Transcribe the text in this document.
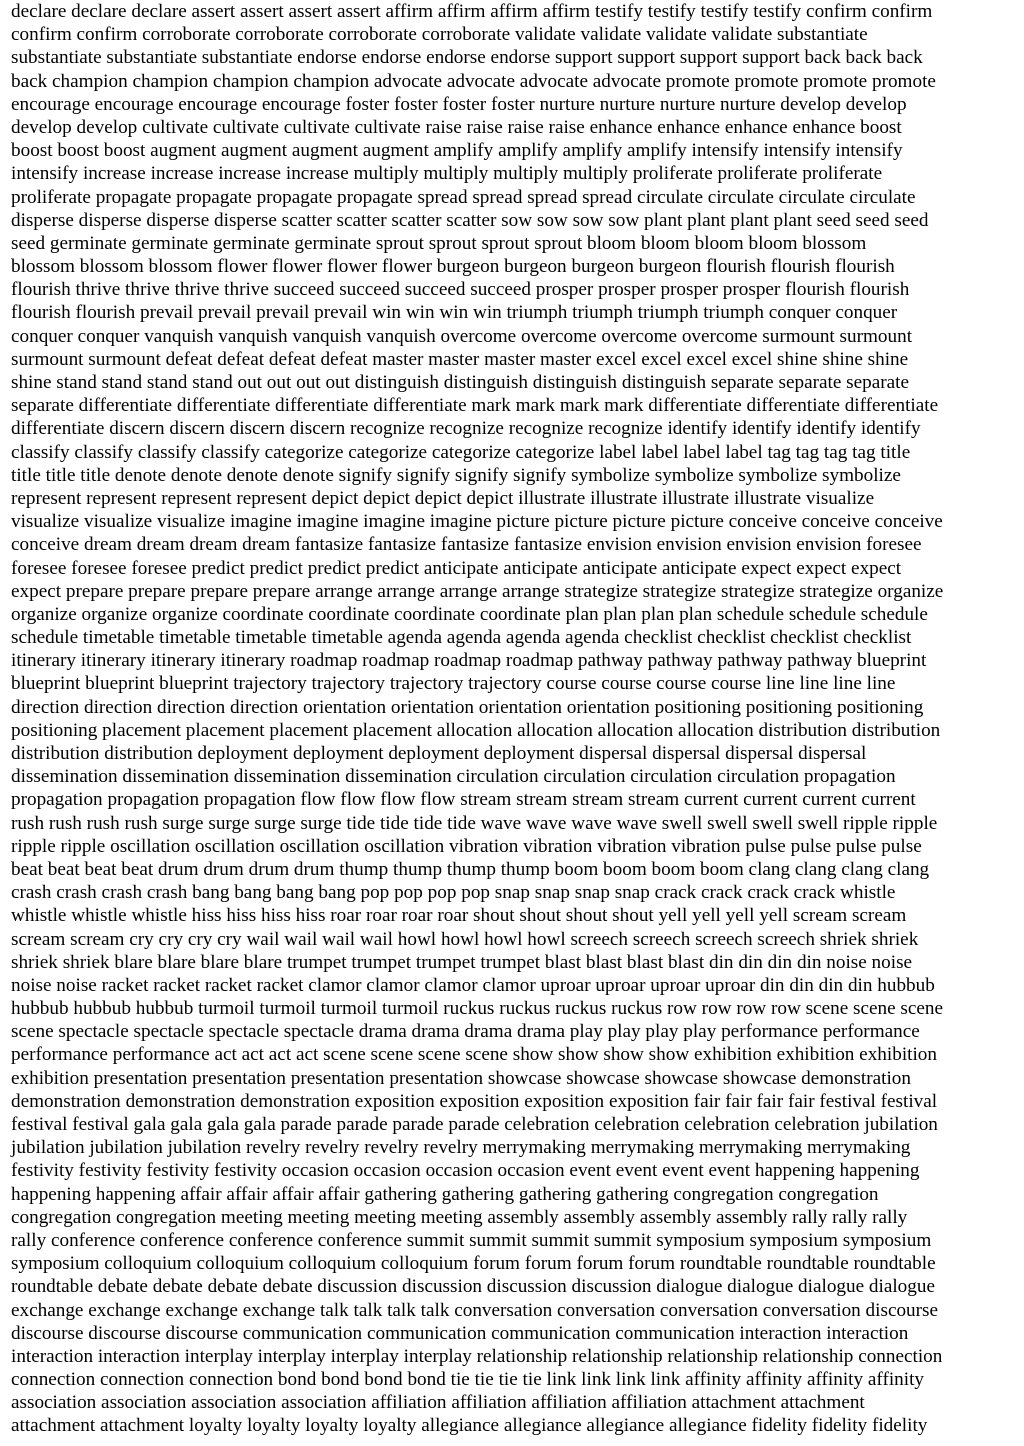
declare declare declare assert assert assert assert affirm affirm affirm affirm testify testify testify testify confirm confirm
confirm confirm corroborate corroborate corroborate corroborate validate validate validate validate substantiate
substantiate substantiate substantiate endorse endorse endorse endorse support support support support back back back
back champion champion champion champion advocate advocate advocate advocate promote promote promote promote
encourage encourage encourage encourage foster foster foster foster nurture nurture nurture nurture develop develop
develop develop cultivate cultivate cultivate cultivate raise raise raise raise enhance enhance enhance enhance boost
boost boost boost augment augment augment augment amplify amplify amplify amplify intensify intensify intensify
intensify increase increase increase increase multiply multiply multiply multiply proliferate proliferate proliferate
proliferate propagate propagate propagate propagate spread spread spread spread circulate circulate circulate circulate
disperse disperse disperse disperse scatter scatter scatter scatter sow sow sow sow plant plant plant plant seed seed seed
seed germinate germinate germinate germinate sprout sprout sprout sprout bloom bloom bloom bloom blossom
blossom blossom blossom flower flower flower flower burgeon burgeon burgeon burgeon flourish flourish flourish
flourish thrive thrive thrive thrive succeed succeed succeed succeed prosper prosper prosper prosper flourish flourish
flourish flourish prevail prevail prevail prevail win win win win triumph triumph triumph triumph conquer conquer
conquer conquer vanquish vanquish vanquish vanquish overcome overcome overcome overcome surmount surmount
surmount surmount defeat defeat defeat defeat master master master master excel excel excel excel shine shine shine
shine stand stand stand stand out out out out distinguish distinguish distinguish distinguish separate separate separate
separate differentiate differentiate differentiate differentiate mark mark mark mark differentiate differentiate differentiate
differentiate discern discern discern discern recognize recognize recognize recognize identify identify identify identify
classify classify classify classify categorize categorize categorize categorize label label label label tag tag tag tag title
title title title denote denote denote denote signify signify signify signify symbolize symbolize symbolize symbolize
represent represent represent represent depict depict depict depict illustrate illustrate illustrate illustrate visualize
visualize visualize visualize imagine imagine imagine imagine picture picture picture picture conceive conceive conceive
conceive dream dream dream dream fantasize fantasize fantasize fantasize envision envision envision envision foresee
foresee foresee foresee predict predict predict predict anticipate anticipate anticipate anticipate expect expect expect
expect prepare prepare prepare prepare arrange arrange arrange arrange strategize strategize strategize strategize organize
organize organize organize coordinate coordinate coordinate coordinate plan plan plan plan schedule schedule schedule
schedule timetable timetable timetable timetable agenda agenda agenda agenda checklist checklist checklist checklist
itinerary itinerary itinerary itinerary roadmap roadmap roadmap roadmap pathway pathway pathway pathway blueprint
blueprint blueprint blueprint trajectory trajectory trajectory trajectory course course course course line line line line
direction direction direction direction orientation orientation orientation orientation positioning positioning positioning
positioning placement placement placement placement allocation allocation allocation allocation distribution distribution
distribution distribution deployment deployment deployment deployment dispersal dispersal dispersal dispersal
dissemination dissemination dissemination dissemination circulation circulation circulation circulation propagation
propagation propagation propagation flow flow flow flow stream stream stream stream current current current current
rush rush rush rush surge surge surge surge tide tide tide tide wave wave wave wave swell swell swell swell ripple ripple
ripple ripple oscillation oscillation oscillation oscillation vibration vibration vibration vibration pulse pulse pulse pulse
beat beat beat beat drum drum drum drum thump thump thump thump boom boom boom boom clang clang clang clang
crash crash crash crash bang bang bang bang pop pop pop pop snap snap snap snap crack crack crack crack whistle
whistle whistle whistle hiss hiss hiss hiss roar roar roar roar shout shout shout shout yell yell yell yell scream scream
scream scream cry cry cry cry wail wail wail wail howl howl howl howl screech screech screech screech shriek shriek
shriek shriek blare blare blare blare trumpet trumpet trumpet trumpet blast blast blast blast din din din din noise noise
noise noise racket racket racket racket clamor clamor clamor clamor uproar uproar uproar uproar din din din din hubbub
hubbub hubbub hubbub turmoil turmoil turmoil turmoil ruckus ruckus ruckus ruckus row row row row scene scene scene
scene spectacle spectacle spectacle spectacle drama drama drama drama play play play play performance performance
performance performance act act act act scene scene scene scene show show show show exhibition exhibition exhibition
exhibition presentation presentation presentation presentation showcase showcase showcase showcase demonstration
demonstration demonstration demonstration exposition exposition exposition exposition fair fair fair fair festival festival
festival festival gala gala gala gala parade parade parade parade celebration celebration celebration celebration jubilation
jubilation jubilation jubilation revelry revelry revelry revelry merrymaking merrymaking merrymaking merrymaking
festivity festivity festivity festivity occasion occasion occasion occasion event event event event happening happening
happening happening affair affair affair affair gathering gathering gathering gathering congregation congregation
congregation congregation meeting meeting meeting meeting assembly assembly assembly assembly rally rally rally
rally conference conference conference conference summit summit summit summit symposium symposium symposium
symposium colloquium colloquium colloquium colloquium forum forum forum forum roundtable roundtable roundtable
roundtable debate debate debate debate discussion discussion discussion discussion dialogue dialogue dialogue dialogue
exchange exchange exchange exchange talk talk talk talk conversation conversation conversation conversation discourse
discourse discourse discourse communication communication communication communication interaction interaction
interaction interaction interplay interplay interplay interplay relationship relationship relationship relationship connection
connection connection connection bond bond bond bond tie tie tie tie link link link link affinity affinity affinity affinity
association association association association affiliation affiliation affiliation affiliation attachment attachment
attachment attachment loyalty loyalty loyalty loyalty allegiance allegiance allegiance allegiance fidelity fidelity fidelity
